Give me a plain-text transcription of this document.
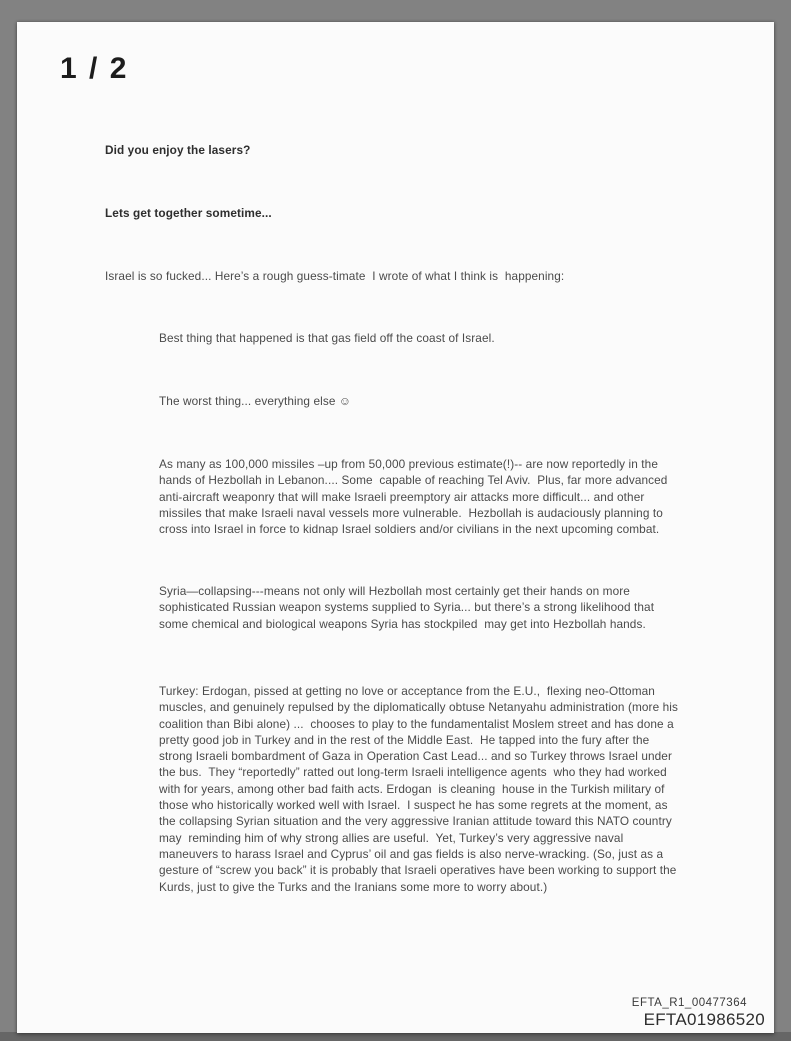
1 / 2
Did you enjoy the lasers?
Lets get together sometime...
Israel is so fucked... Here’s a rough guess-timate  I wrote of what I think is  happening:
Best thing that happened is that gas field off the coast of Israel.
The worst thing... everything else ☺
As many as 100,000 missiles –up from 50,000 previous estimate(!)-- are now reportedly in the hands of Hezbollah in Lebanon.... Some  capable of reaching Tel Aviv.  Plus, far more advanced anti-aircraft weaponry that will make Israeli preemptory air attacks more difficult... and other missiles that make Israeli naval vessels more vulnerable.  Hezbollah is audaciously planning to cross into Israel in force to kidnap Israel soldiers and/or civilians in the next upcoming combat.
Syria—collapsing---means not only will Hezbollah most certainly get their hands on more sophisticated Russian weapon systems supplied to Syria... but there’s a strong likelihood that some chemical and biological weapons Syria has stockpiled  may get into Hezbollah hands.
Turkey: Erdogan, pissed at getting no love or acceptance from the E.U.,  flexing neo-Ottoman muscles, and genuinely repulsed by the diplomatically obtuse Netanyahu administration (more his coalition than Bibi alone) ...  chooses to play to the fundamentalist Moslem street and has done a pretty good job in Turkey and in the rest of the Middle East.  He tapped into the fury after the strong Israeli bombardment of Gaza in Operation Cast Lead... and so Turkey throws Israel under the bus.  They “reportedly” ratted out long-term Israeli intelligence agents  who they had worked with for years, among other bad faith acts. Erdogan  is cleaning  house in the Turkish military of those who historically worked well with Israel.  I suspect he has some regrets at the moment, as the collapsing Syrian situation and the very aggressive Iranian attitude toward this NATO country may  reminding him of why strong allies are useful.  Yet, Turkey’s very aggressive naval maneuvers to harass Israel and Cyprus’ oil and gas fields is also nerve-wracking. (So, just as a gesture of “screw you back” it is probably that Israeli operatives have been working to support the Kurds, just to give the Turks and the Iranians some more to worry about.)
EFTA_R1_00477364
EFTA01986520
